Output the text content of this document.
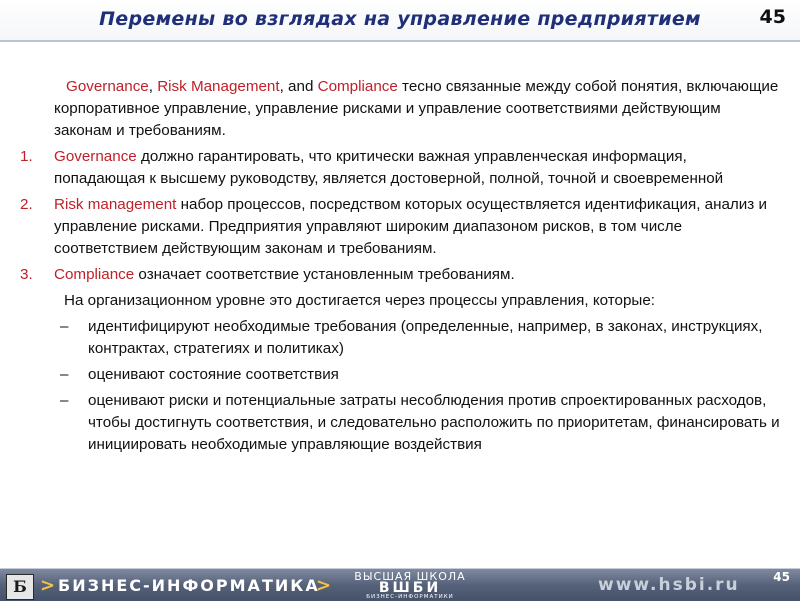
Перемены во взглядах на управление предприятием	45

Governance, Risk Management, and Compliance тесно связанные между собой понятия, включающие корпоративное управление, управление рисками и управление соответствиями действующим законам и требованиям.

1. Governance должно гарантировать, что критически важная управленческая информация, попадающая к высшему руководству, является достоверной, полной, точной и своевременной
2. Risk management набор процессов, посредством которых осуществляется идентификация, анализ и управление рисками. Предприятия управляют широким диапазоном рисков, в том числе соответствием действующим законам и требованиям.
3. Compliance означает соответствие установленным требованиям.

На организационном уровне это достигается через процессы управления, которые:

– идентифицируют необходимые требования (определенные, например, в законах, инструкциях, контрактах, стратегиях и политиках)
– оценивают состояние соответствия
– оценивают риски и потенциальные затраты несоблюдения против спроектированных расходов, чтобы достигнуть соответствия, и следовательно расположить по приоритетам, финансировать и инициировать необходимые управляющие воздействия
Б > БИЗНЕС-ИНФОРМАТИКА
>	ВЫСШАЯ ШКОЛА
ВШБИ
БИЗНЕС-ИНФОРМАТИКИ
www.hsbi.ru	45
